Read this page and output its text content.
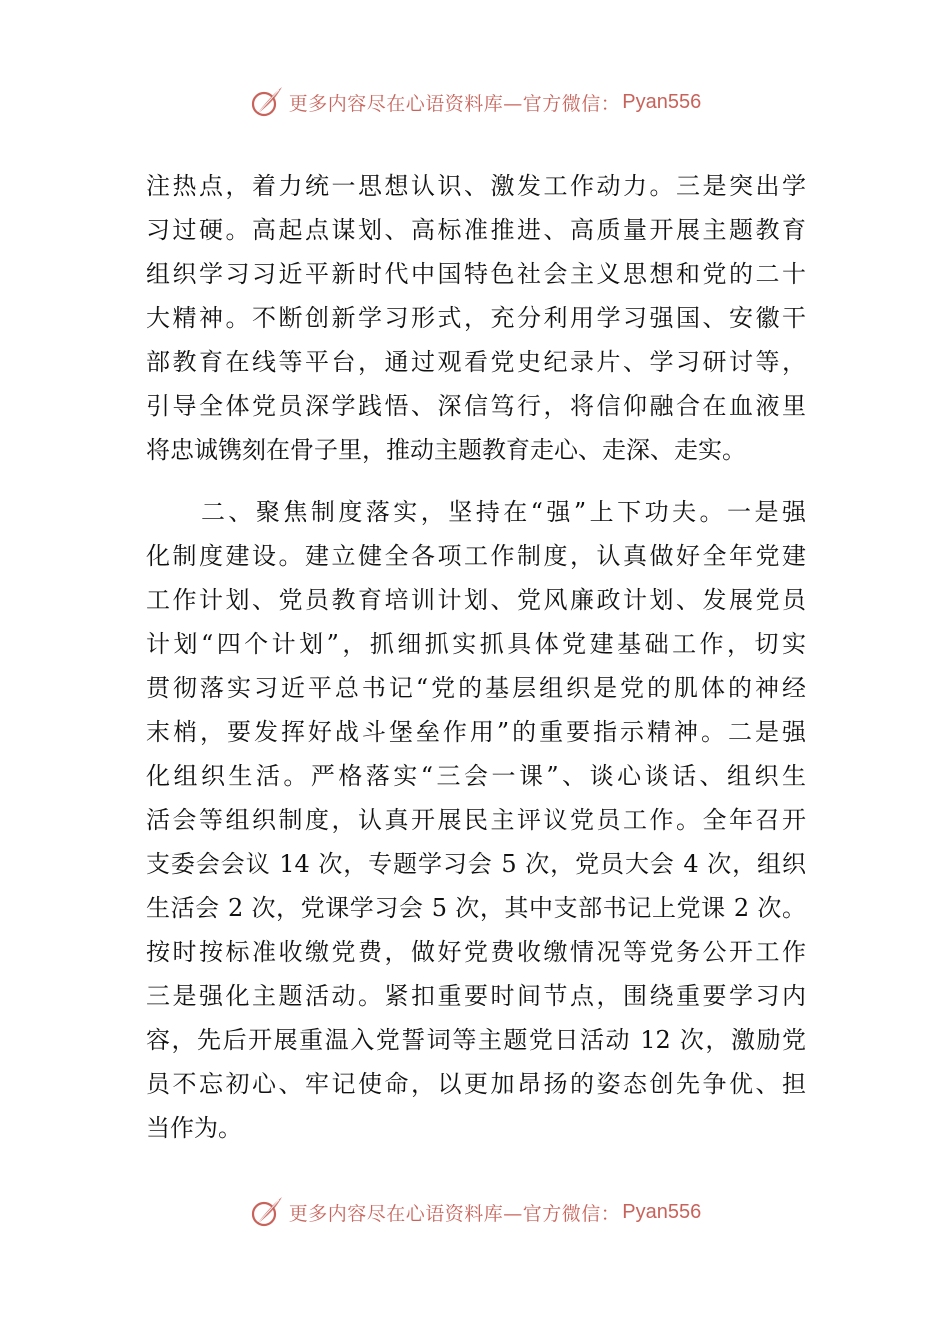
更多内容尽在心语资料库—官方微信： Pyan556
注热点，着力统一思想认识、激发工作动力。三是突出学
习过硬。高起点谋划、高标准推进、高质量开展主题教育
组织学习习近平新时代中国特色社会主义思想和党的二十
大精神。不断创新学习形式，充分利用学习强国、安徽干
部教育在线等平台，通过观看党史纪录片、学习研讨等，
引导全体党员深学践悟、深信笃行，将信仰融合在血液里
将忠诚镌刻在骨子里，推动主题教育走心、走深、走实。
　　二、聚焦制度落实，坚持在“强”上下功夫。一是强
化制度建设。建立健全各项工作制度，认真做好全年党建
工作计划、党员教育培训计划、党风廉政计划、发展党员
计划“四个计划”，抓细抓实抓具体党建基础工作，切实
贯彻落实习近平总书记“党的基层组织是党的肌体的神经
末梢，要发挥好战斗堡垒作用”的重要指示精神。二是强
化组织生活。严格落实“三会一课”、谈心谈话、组织生
活会等组织制度，认真开展民主评议党员工作。全年召开
支委会会议 14 次，专题学习会 5 次，党员大会 4 次，组织
生活会 2 次，党课学习会 5 次，其中支部书记上党课 2 次。
按时按标准收缴党费，做好党费收缴情况等党务公开工作
三是强化主题活动。紧扣重要时间节点，围绕重要学习内
容，先后开展重温入党誓词等主题党日活动 12 次，激励党
员不忘初心、牢记使命，以更加昂扬的姿态创先争优、担
当作为。
更多内容尽在心语资料库—官方微信： Pyan556
